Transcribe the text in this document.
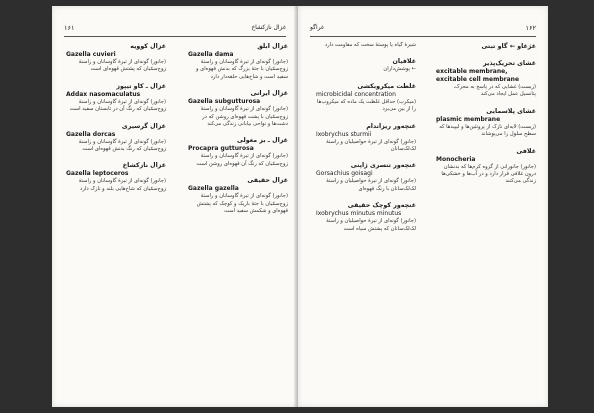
غزال نازکشاخ
۱۶۱
غزال ابلق
Gazella dama
(جانور) گونه‌ای از تیرۀ گاوسانان و راستۀ زوج‌سمّیان با جثۀ بزرگ که بدنش قهوه‌ای و سفید است و شاخ‌هایی حلقه‌دار دارد
غزال ایرانی
Gazella subgutturosa
(جانور) گونه‌ای از تیرۀ گاوسانان و راستۀ زوج‌سمّیان با پشت قهوه‌ای روشن که در دشت‌ها و نواحی بیابانی زندگی می‌کند
غزال ـ بز مغولی
Procapra gutturosa
(جانور) گونه‌ای از تیرۀ گاوسانان و راستۀ زوج‌سمّیان که رنگ آن قهوه‌ای روشن است
غزال حقیقی
Gazella gazella
(جانور) گونه‌ای از تیرۀ گاوسانان و راستۀ زوج‌سمّیان با جثۀ باریک و کوچک که پشتش قهوه‌ای و شکمش سفید است
غزال کوویه
Gazella cuvieri
(جانور) گونه‌ای از تیرۀ گاوسانان و راستۀ زوج‌سمّیان که پشتش قهوه‌ای است
غزال ـ کاو تیپوز
Addax nasomaculatus
(جانور) گونه‌ای از تیرۀ گاوسانان و راستۀ زوج‌سمّیان که رنگ آن در تابستان سفید است
غزال گرسیری
Gazella dorcas
(جانور) گونه‌ای از تیرۀ گاوسانان و راستۀ زوج‌سمّیان که رنگ بدنش قهوه‌ای است
غزال نازکشاخ
Gazella leptoceros
(جانور) گونه‌ای از تیرۀ گاوسانان و راستۀ زوج‌سمّیان که شاخ‌هایی بلند و نازک دارد
غراگو	۱۶۲
غژغاو ← گاو تبتی
غشای تحریک‌پذیر
excitable membrane, excitable cell membrane
(زیست) غشایی که در پاسخ به محرک، پتانسیل عمل ایجاد می‌کند
غشای پلاسمایی
plasmic membrane
(زیست) لایه‌ای نازک از پروتئین‌ها و لیپیدها که سطح سلول را می‌پوشاند
غلافی
Monocheria
(جانور) جانورانی از گروه کرم‌ها که بدنشان درون غلافی قرار دارد و در آب‌ها و خشکی‌ها زندگی می‌کنند
شیرۀ گیاه یا پوستۀ سخت که مقاومت دارد
غلافیان
← پوشش‌داران
غلظت میکروبکشی
microbicidal concentration
(میکرب) حداقل غلظت یک ماده که میکروب‌ها را از بین می‌برد
غنچه‌ور ریزاندام
Ixobrychus sturmii
(جانور) گونه‌ای از تیرۀ حواصیلیان و راستۀ لک‌لک‌سانان
غنچه‌ور تنسری ژاپنی
Gorsachius goisagi
(جانور) گونه‌ای از تیرۀ حواصیلیان و راستۀ لک‌لک‌سانان با رنگ قهوه‌ای
غنچه‌ور کوچک حقیقی
Ixobrychus minutus minutus
(جانور) گونه‌ای از تیرۀ حواصیلیان و راستۀ لک‌لک‌سانان که پشتش سیاه است
